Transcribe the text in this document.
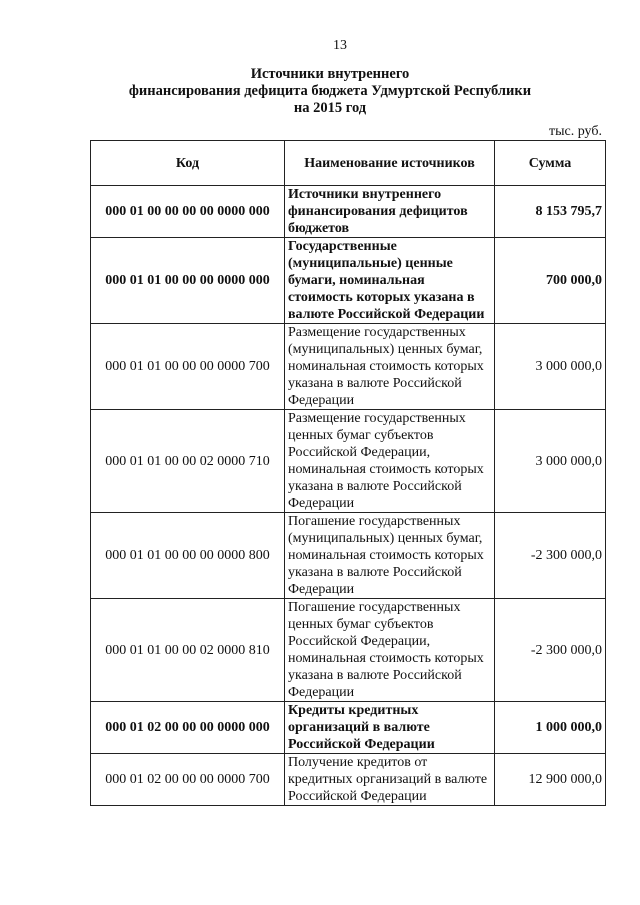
13
Источники внутреннего
финансирования дефицита бюджета Удмуртской Республики
на 2015 год
тыс. руб.
Код	Наименование источников	Сумма
000 01 00 00 00 00 0000 000	Источники внутреннего финансирования дефицитов бюджетов	8 153 795,7
000 01 01 00 00 00 0000 000	Государственные (муниципальные) ценные бумаги, номинальная стоимость которых указана в валюте Российской Федерации	700 000,0
000 01 01 00 00 00 0000 700	Размещение государственных (муниципальных) ценных бумаг, номинальная стоимость которых указана в валюте Российской Федерации	3 000 000,0
000 01 01 00 00 02 0000 710	Размещение государственных ценных бумаг субъектов Российской Федерации, номинальная стоимость которых указана в валюте Российской Федерации	3 000 000,0
000 01 01 00 00 00 0000 800	Погашение государственных (муниципальных) ценных бумаг, номинальная стоимость которых указана в валюте Российской Федерации	-2 300 000,0
000 01 01 00 00 02 0000 810	Погашение государственных ценных бумаг субъектов Российской Федерации, номинальная стоимость которых указана в валюте Российской Федерации	-2 300 000,0
000 01 02 00 00 00 0000 000	Кредиты кредитных организаций в валюте Российской Федерации	1 000 000,0
000 01 02 00 00 00 0000 700	Получение кредитов от кредитных организаций в валюте Российской Федерации	12 900 000,0
